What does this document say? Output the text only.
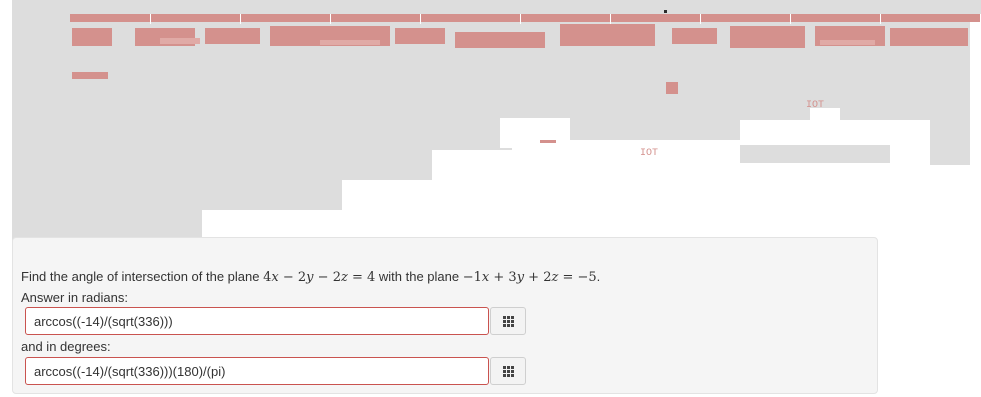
ΙΟΤ
ΙΟΤ
Find the angle of intersection of the plane 4x − 2y − 2z = 4 with the plane −1x + 3y + 2z = −5.
Answer in radians:
arccos((-14)/(sqrt(336)))
and in degrees:
arccos((-14)/(sqrt(336)))(180)/(pi)
